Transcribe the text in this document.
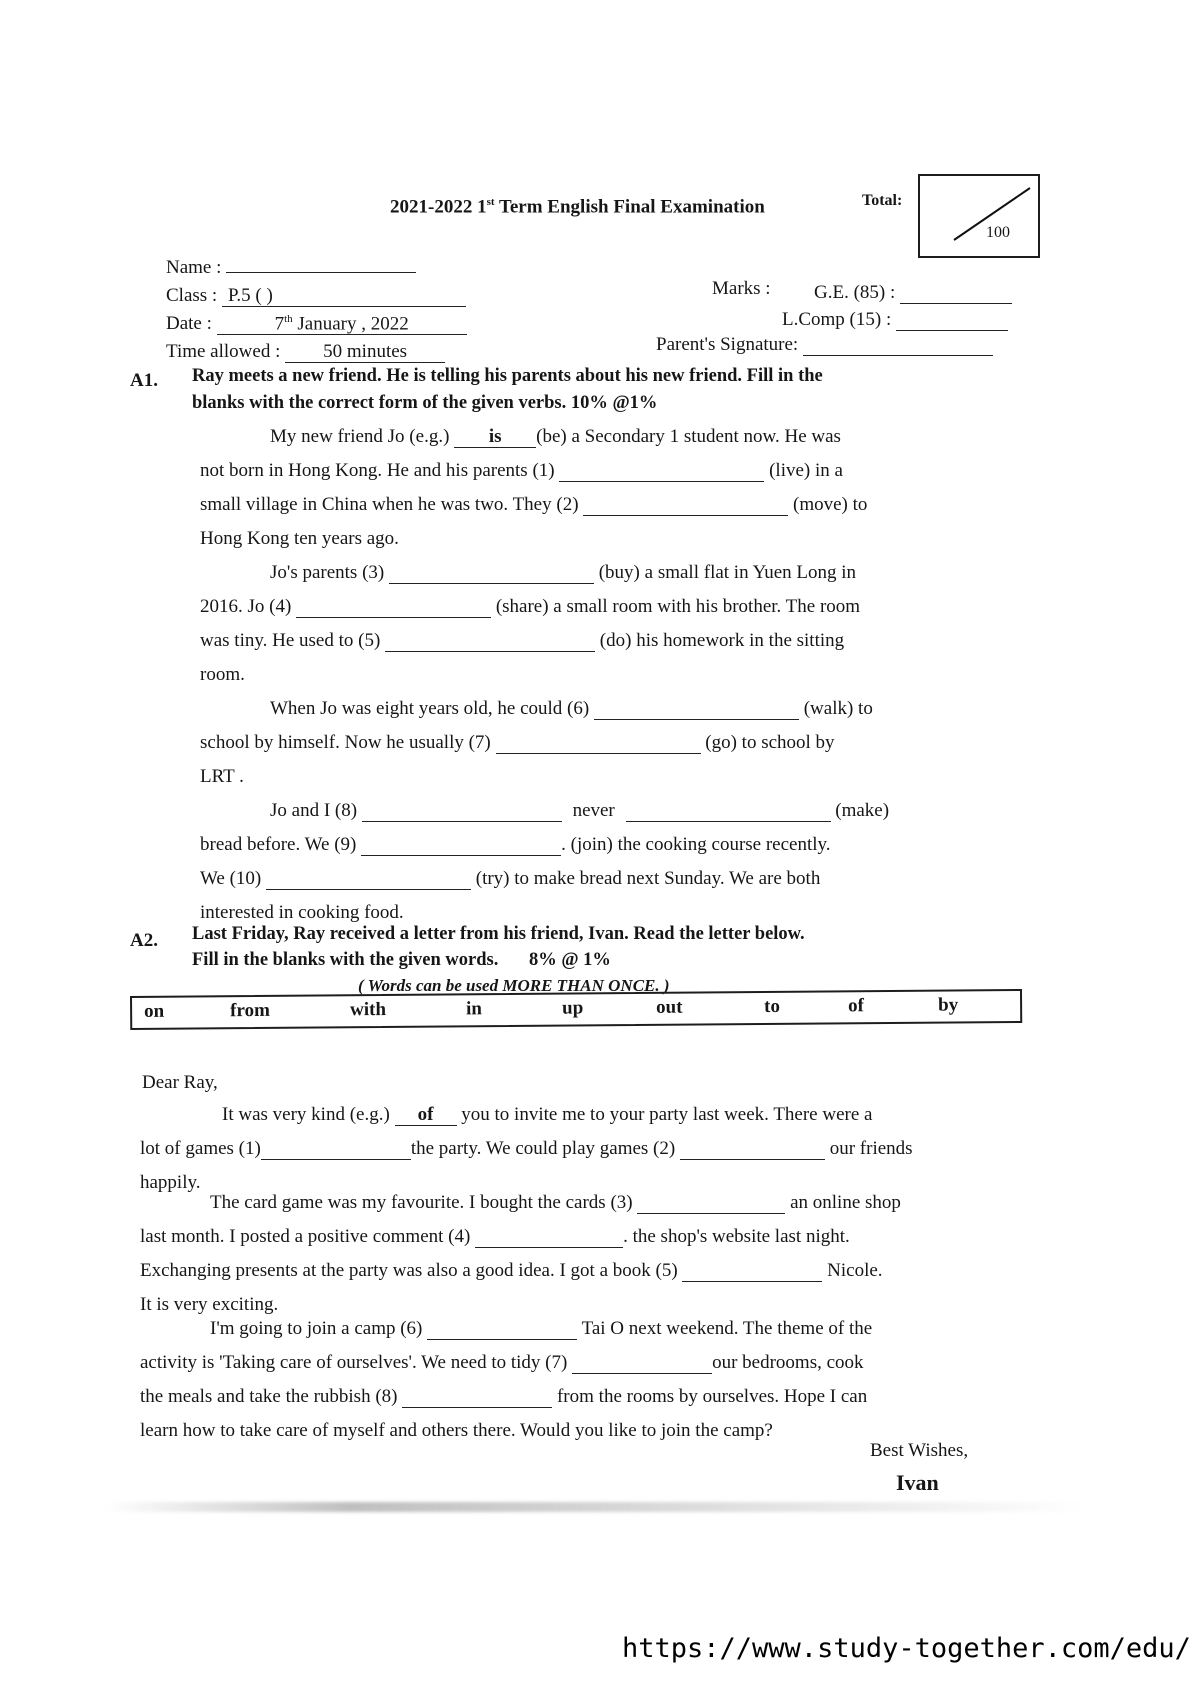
2021-2022 1st Term English Final Examination	Total:
100
Name :
Class : P.5 ( )
Date :	7th January , 2022
Time allowed : 50 minutes
Marks : G.E. (85) :
L.Comp (15) :
Parent's Signature:
A1. Ray meets a new friend. He is telling his parents about his new friend. Fill in the
blanks with the correct form of the given verbs. 10% @1%
My new friend Jo (e.g.) is (be) a Secondary 1 student now. He was
not born in Hong Kong. He and his parents (1)	(live) in a
small village in China when he was two. They (2)	(move) to
Hong Kong ten years ago.
Jo's parents (3)	(buy) a small flat in Yuen Long in
2016. Jo (4)	(share) a small room with his brother. The room
was tiny. He used to (5)	(do) his homework in the sitting
room.
When Jo was eight years old, he could (6)	(walk) to
school by himself. Now he usually (7)	(go) to school by
LRT .
Jo and I (8)	never	(make)
bread before. We (9)	. (join) the cooking course recently.
We (10)	(try) to make bread next Sunday. We are both
interested in cooking food.
A2. Last Friday, Ray received a letter from his friend, Ivan. Read the letter below.
Fill in the blanks with the given words. 8% @ 1%
( Words can be used MORE THAN ONCE. )
on	from	with	in	up	out	to	of	by
Dear Ray,
It was very kind (e.g.) of you to invite me to your party last week. There were a
lot of games (1)	the party. We could play games (2)	our friends
happily.
The card game was my favourite. I bought the cards (3)	an online shop
last month. I posted a positive comment (4)	. the shop's website last night.
Exchanging presents at the party was also a good idea. I got a book (5)	Nicole.
It is very exciting.
I'm going to join a camp (6)	Tai O next weekend. The theme of the
activity is 'Taking care of ourselves'. We need to tidy (7)	our bedrooms, cook
the meals and take the rubbish (8)	from the rooms by ourselves. Hope I can
learn how to take care of myself and others there. Would you like to join the camp?
Best Wishes,
Ivan
https://www.study-together.com/edu/
